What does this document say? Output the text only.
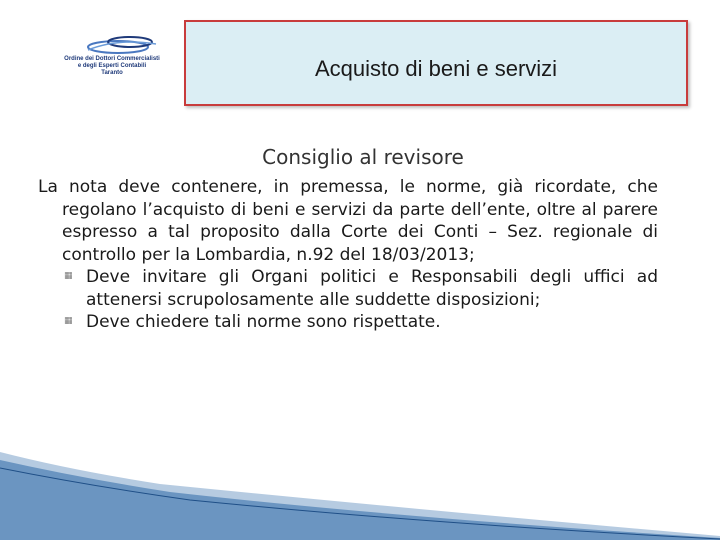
Ordine dei Dottori Commercialisti
e degli Esperti Contabili
Taranto	Acquisto di beni e servizi
Consiglio al revisore

La nota deve contenere, in premessa, le norme, già ricordate, che regolano l’acquisto di beni e servizi da parte dell’ente, oltre al parere espresso a tal proposito dalla Corte dei Conti – Sez. regionale di controllo per la Lombardia, n.92 del 18/03/2013;

▦ Deve invitare gli Organi politici e Responsabili degli uffici ad attenersi scrupolosamente alle suddette disposizioni;
▦ Deve chiedere tali norme sono rispettate.
